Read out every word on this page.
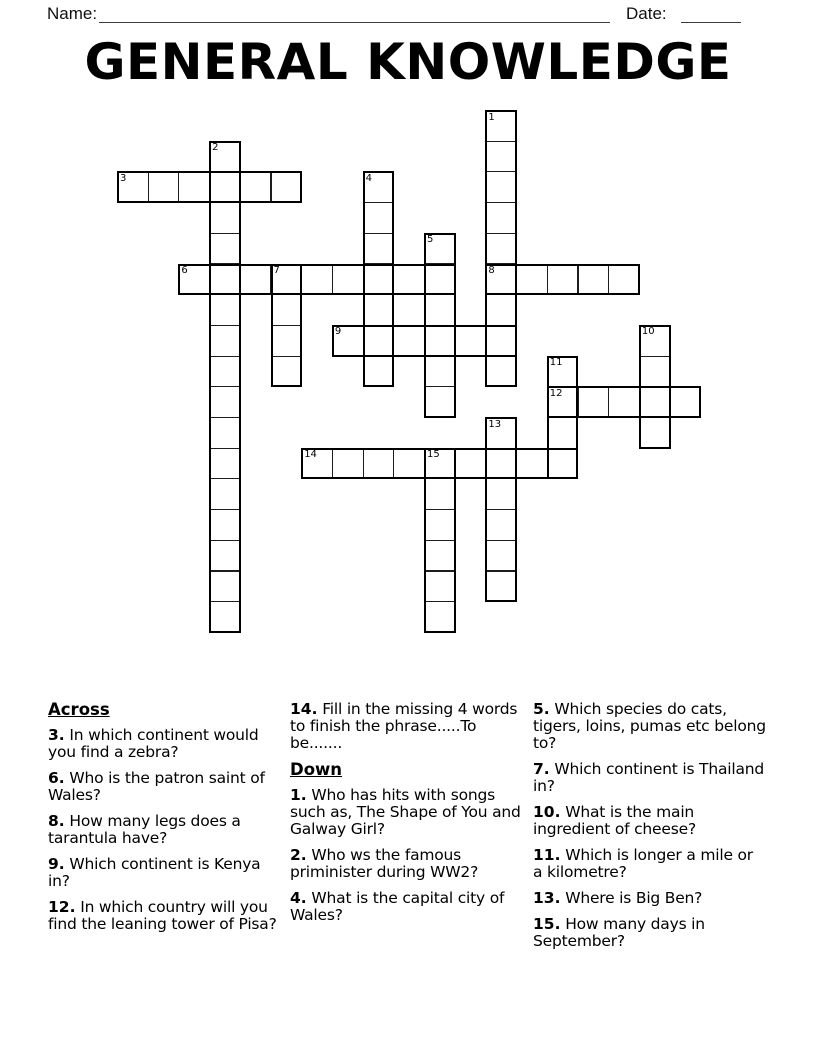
Name:	Date:
GENERAL KNOWLEDGE
1
8
2
3	4
5
6	7
9	10
11
12
13
14	15

Across

3. In which continent would you find a zebra?

6. Who is the patron saint of Wales?

8. How many legs does a tarantula have?

9. Which continent is Kenya in?

12. In which country will you find the leaning tower of Pisa?

14. Fill in the missing 4 words to finish the phrase.....To be.......

Down

1. Who has hits with songs such as, The Shape of You and Galway Girl?

2. Who ws the famous priminister during WW2?

4. What is the capital city of Wales?

5. Which species do cats, tigers, loins, pumas etc belong to?

7. Which continent is Thailand in?

10. What is the main ingredient of cheese?

11. Which is longer a mile or a kilometre?

13. Where is Big Ben?

15. How many days in September?
